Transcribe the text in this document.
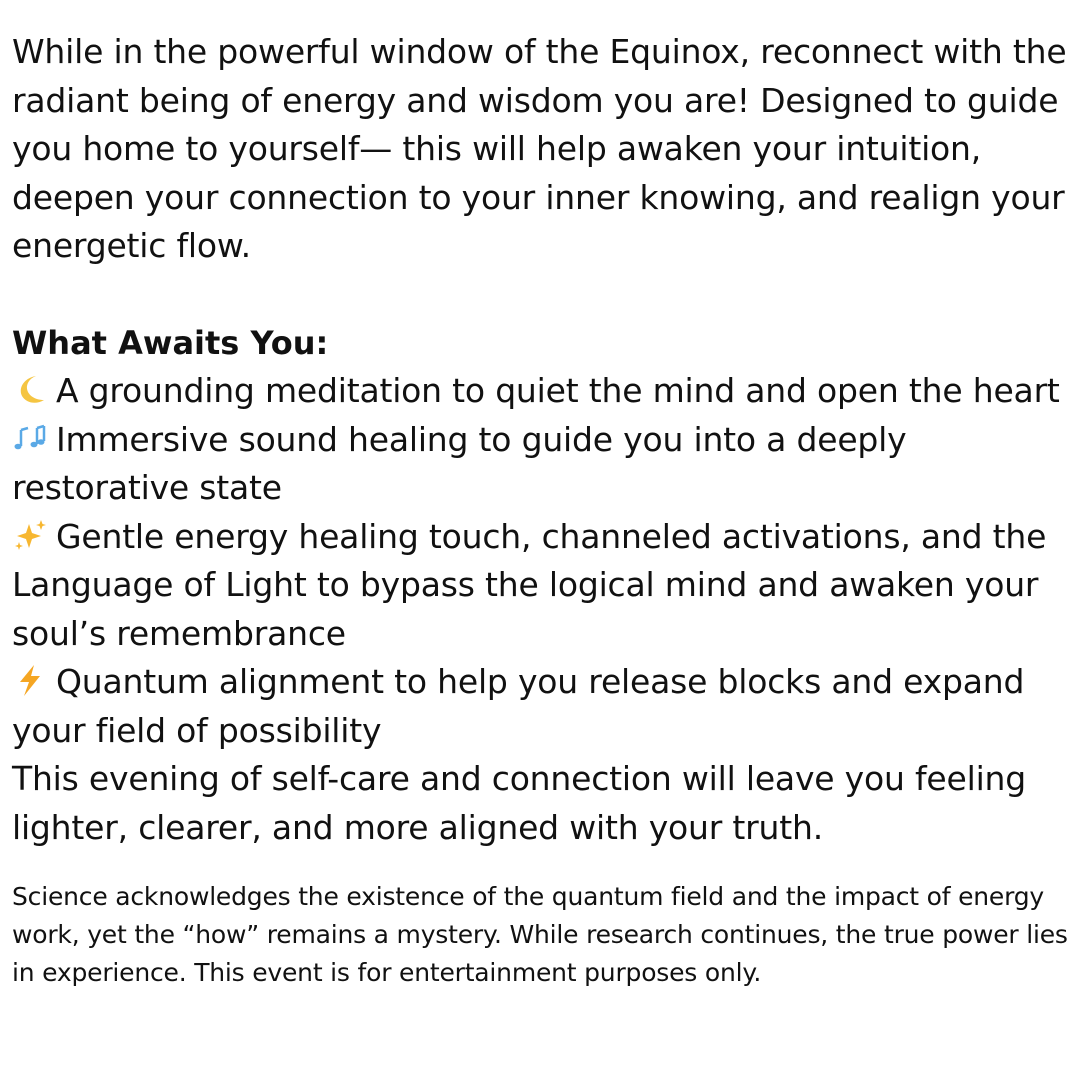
While in the powerful window of the Equinox, reconnect with the radiant being of energy and wisdom you are! Designed to guide you home to yourself— this will help awaken your intuition, deepen your connection to your inner knowing, and realign your energetic flow.

What Awaits You:

A grounding meditation to quiet the mind and open the heart
Immersive sound healing to guide you into a deeply restorative state
Gentle energy healing touch, channeled activations, and the Language of Light to bypass the logical mind and awaken your soul’s remembrance
Quantum alignment to help you release blocks and expand your field of possibility

This evening of self-care and connection will leave you feeling lighter, clearer, and more aligned with your truth.

Science acknowledges the existence of the quantum field and the impact of energy work, yet the “how” remains a mystery. While research continues, the true power lies in experience. This event is for entertainment purposes only.
